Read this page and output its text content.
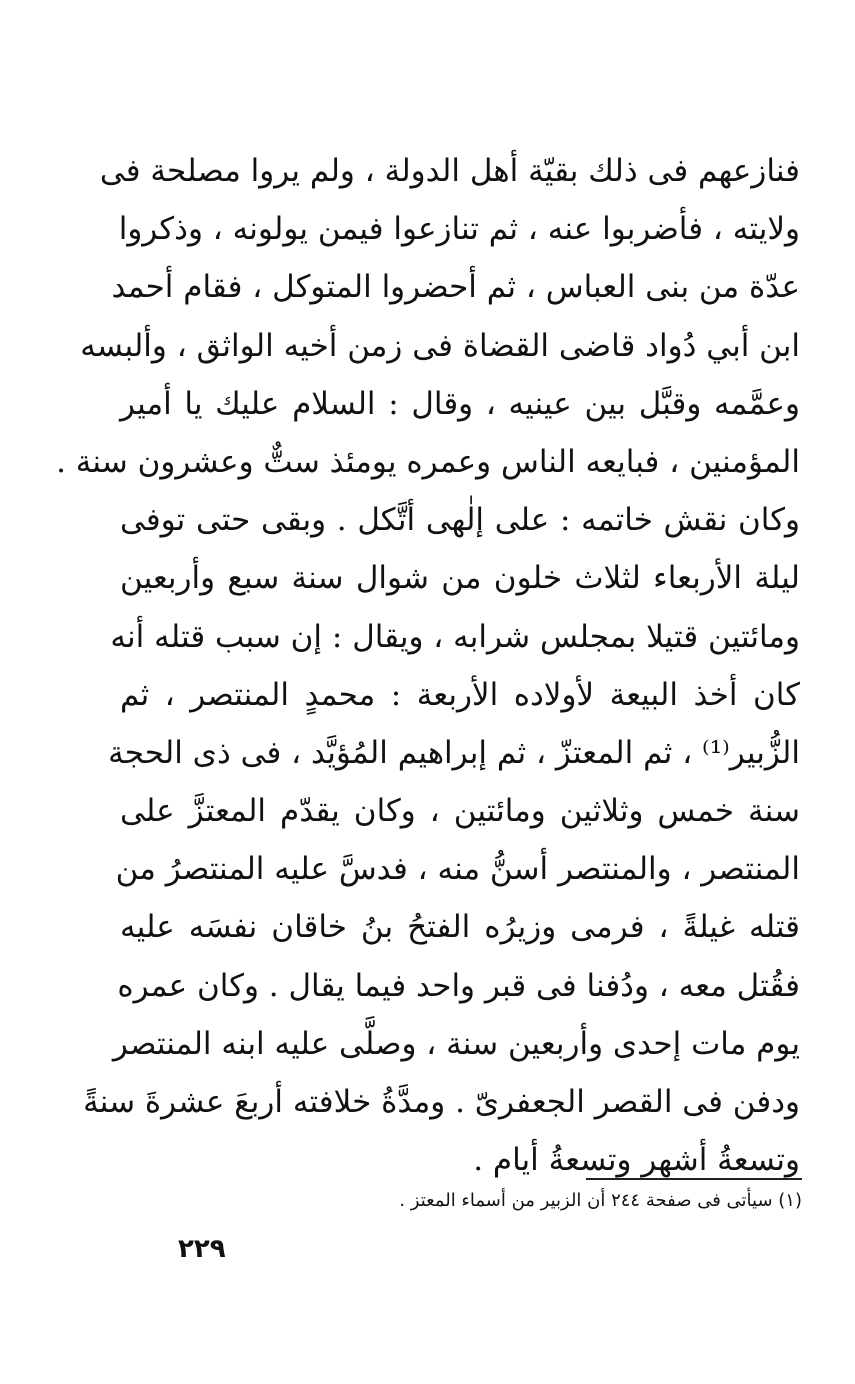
فنازعهم فى ذلك بقيّة أهل الدولة ، ولم يروا مصلحة فى
ولايته ، فأضربوا عنه ، ثم تنازعوا فيمن يولونه ، وذكروا
عدّة من بنى العباس ، ثم أحضروا المتوكل ، فقام أحمد
ابن أبي دُواد قاضى القضاة فى زمن أخيه الواثق ، وألبسه
وعمَّمه وقبَّل بين عينيه ، وقال : السلام عليك يا أمير
المؤمنين ، فبايعه الناس وعمره يومئذ ستٌّ وعشرون سنة .
وكان نقش خاتمه : على إلٰهى أتَّكل . وبقى حتى توفى
ليلة الأربعاء لثلاث خلون من شوال سنة سبع وأربعين
ومائتين قتيلا بمجلس شرابه ، ويقال : إن سبب قتله أنه
كان أخذ البيعة لأولاده الأربعة : محمدٍ المنتصر ، ثم
الزُّبير⁽¹⁾ ، ثم المعتزّ ، ثم إبراهيم المُؤيَّد ، فى ذى الحجة
سنة خمس وثلاثين ومائتين ، وكان يقدّم المعتزَّ على
المنتصر ، والمنتصر أسنُّ منه ، فدسَّ عليه المنتصرُ من
قتله غيلةً ، فرمى وزيرُه الفتحُ بنُ خاقان نفسَه عليه
فقُتل معه ، ودُفنا فى قبر واحد فيما يقال . وكان عمره
يوم مات إحدى وأربعين سنة ، وصلَّى عليه ابنه المنتصر
ودفن فى القصر الجعفرىّ . ومدَّةُ خلافته أربعَ عشرةَ سنةً
وتسعةُ أشهر وتسعةُ أيام .
(١) سيأتى فى صفحة ٢٤٤ أن الزبير من أسماء المعتز .
٢٢٩
